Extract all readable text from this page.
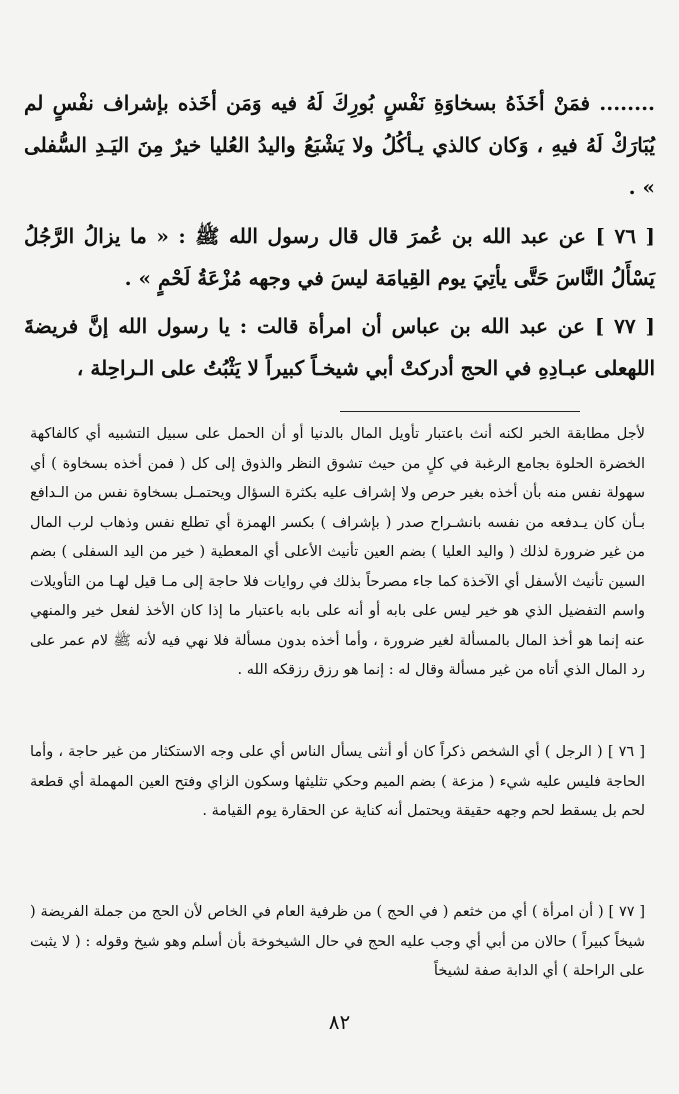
........ فمَنْ أخَذَهُ بسخاوَةِ نَفْسٍ بُورِكَ لَهُ فيه وَمَن أخَذه بإشراف نفْسٍ لم يُبَارَكْ لَهُ فيهِ ، وَكان كالذي يـأكُلُ ولا يَشْبَعُ واليدُ العُليا خيرٌ مِنَ اليَـدِ السُّفلى » .

[ ٧٦ ] عن عبد الله بن عُمرَ قال قال رسول الله ﷺ : « ما يزالُ الرَّجُلُ يَسْأَلُ النَّاسَ حَتَّى يأتِيَ يوم القِيامَة ليسَ في وجهه مُزْعَةُ لَحْمٍ » .

[ ٧٧ ] عن عبد الله بن عباس أن امرأة قالت : يا رسول الله إنَّ فريضةَ اللهعلى عبـادِهِ في الحج أدركتْ أبي شيخـاً كبيراً لا يَثْبُتُ على الـراحِلة ،

لأجل مطابقة الخبر لكنه أنث باعتبار تأويل المال بالدنيا أو أن الحمل على سبيل التشبيه أي كالفاكهة الخضرة الحلوة بجامع الرغبة في كلٍ من حيث تشوق النظر والذوق إلى كل ( فمن أخذه بسخاوة ) أي سهولة نفس منه بأن أخذه بغير حرص ولا إشراف عليه بكثرة السؤال ويحتمـل بسخاوة نفس من الـدافع بـأن كان يـدفعه من نفسه بانشـراح صدر ( بإشراف ) بكسر الهمزة أي تطلع نفس وذهاب لرب المال من غير ضرورة لذلك ( واليد العليا ) بضم العين تأنيث الأعلى أي المعطية ( خير من اليد السفلى ) بضم السين تأنيث الأسفل أي الآخذة كما جاء مصرحاً بذلك في روايات فلا حاجة إلى مـا قيل لهـا من التأويلات واسم التفضيل الذي هو خير ليس على بابه أو أنه على بابه باعتبار ما إذا كان الأخذ لفعل خير والمنهي عنه إنما هو أخذ المال بالمسألة لغير ضرورة ، وأما أخذه بدون مسألة فلا نهي فيه لأنه ﷺ لام عمر على رد المال الذي أتاه من غير مسألة وقال له : إنما هو رزق رزقكه الله .

[ ٧٦ ] ( الرجل ) أي الشخص ذكراً كان أو أنثى يسأل الناس أي على وجه الاستكثار من غير حاجة ، وأما الحاجة فليس عليه شيء ( مزعة ) بضم الميم وحكي تثليثها وسكون الزاي وفتح العين المهملة أي قطعة لحم بل يسقط لحم وجهه حقيقة ويحتمل أنه كناية عن الحقارة يوم القيامة .

[ ٧٧ ] ( أن امرأة ) أي من خثعم ( في الحج ) من ظرفية العام في الخاص لأن الحج من جملة الفريضة ( شيخاً كبيراً ) حالان من أبي أي وجب عليه الحج في حال الشيخوخة بأن أسلم وهو شيخ وقوله : ( لا يثبت على الراحلة ) أي الدابة صفة لشيخاً

٨٢
